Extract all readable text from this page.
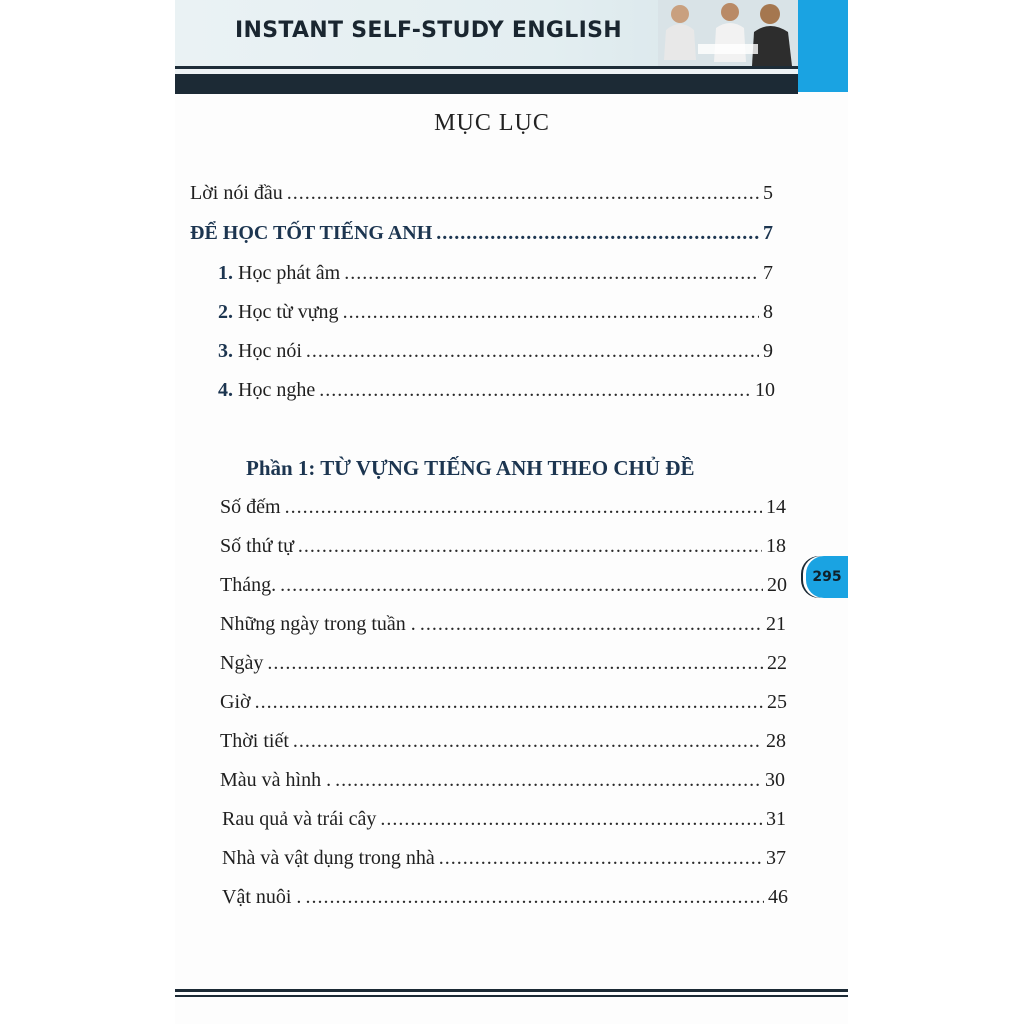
INSTANT SELF-STUDY ENGLISH
MỤC LỤC
Lời nói đầu .....	5
ĐỂ HỌC TỐT TIẾNG ANH .....	7
1. Học phát âm .....	7
2. Học từ vựng .....	8
3. Học nói .....	9
4. Học nghe .....	10
Phần 1: TỪ VỰNG TIẾNG ANH THEO CHỦ ĐỀ
Số đếm .....	14
Số thứ tự .....	18
Tháng. .....	20
Những ngày trong tuần . .....	21
Ngày .....	22
Giờ .....	25
Thời tiết .....	28
Màu và hình . .....	30
Rau quả và trái cây .....	31
Nhà và vật dụng trong nhà .....	37
Vật nuôi . .....	46
295
